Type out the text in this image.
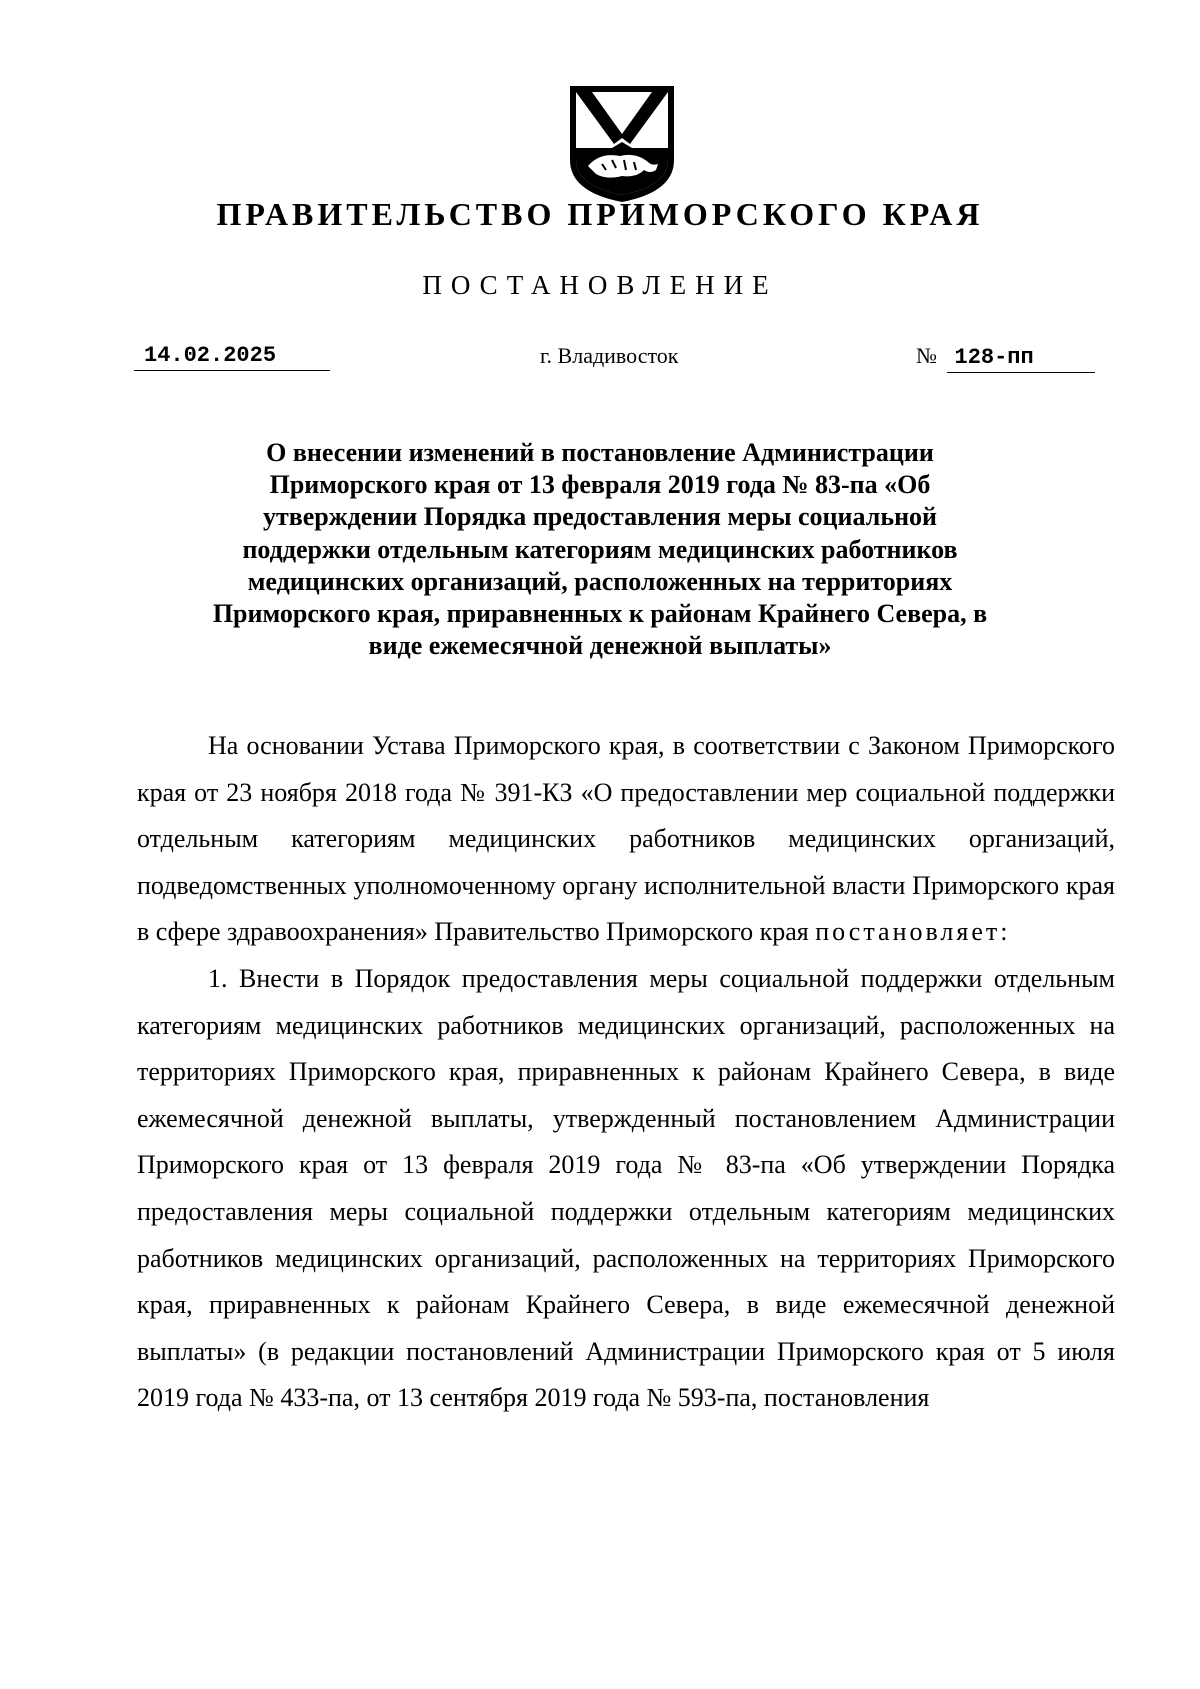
ПРАВИТЕЛЬСТВО ПРИМОРСКОГО КРАЯ
ПОСТАНОВЛЕНИЕ
14.02.2025	г. Владивосток	№ 128-пп
О внесении изменений в постановление Администрации Приморского края от 13 февраля 2019 года № 83-па «Об утверждении Порядка предоставления меры социальной поддержки отдельным категориям медицинских работников медицинских организаций, расположенных на территориях Приморского края, приравненных к районам Крайнего Севера, в виде ежемесячной денежной выплаты»

На основании Устава Приморского края, в соответствии с Законом Приморского края от 23 ноября 2018 года № 391-КЗ «О предоставлении мер социальной поддержки отдельным категориям медицинских работников медицинских организаций, подведомственных уполномоченному органу исполнительной власти Приморского края в сфере здравоохранения» Правительство Приморского края постановляет:

1. Внести в Порядок предоставления меры социальной поддержки отдельным категориям медицинских работников медицинских организаций, расположенных на территориях Приморского края, приравненных к районам Крайнего Севера, в виде ежемесячной денежной выплаты, утвержденный постановлением Администрации Приморского края от 13 февраля 2019 года № 83-па «Об утверждении Порядка предоставления меры социальной поддержки отдельным категориям медицинских работников медицинских организаций, расположенных на территориях Приморского края, приравненных к районам Крайнего Севера, в виде ежемесячной денежной выплаты» (в редакции постановлений Администрации Приморского края от 5 июля 2019 года № 433-па, от 13 сентября 2019 года № 593-па, постановления
